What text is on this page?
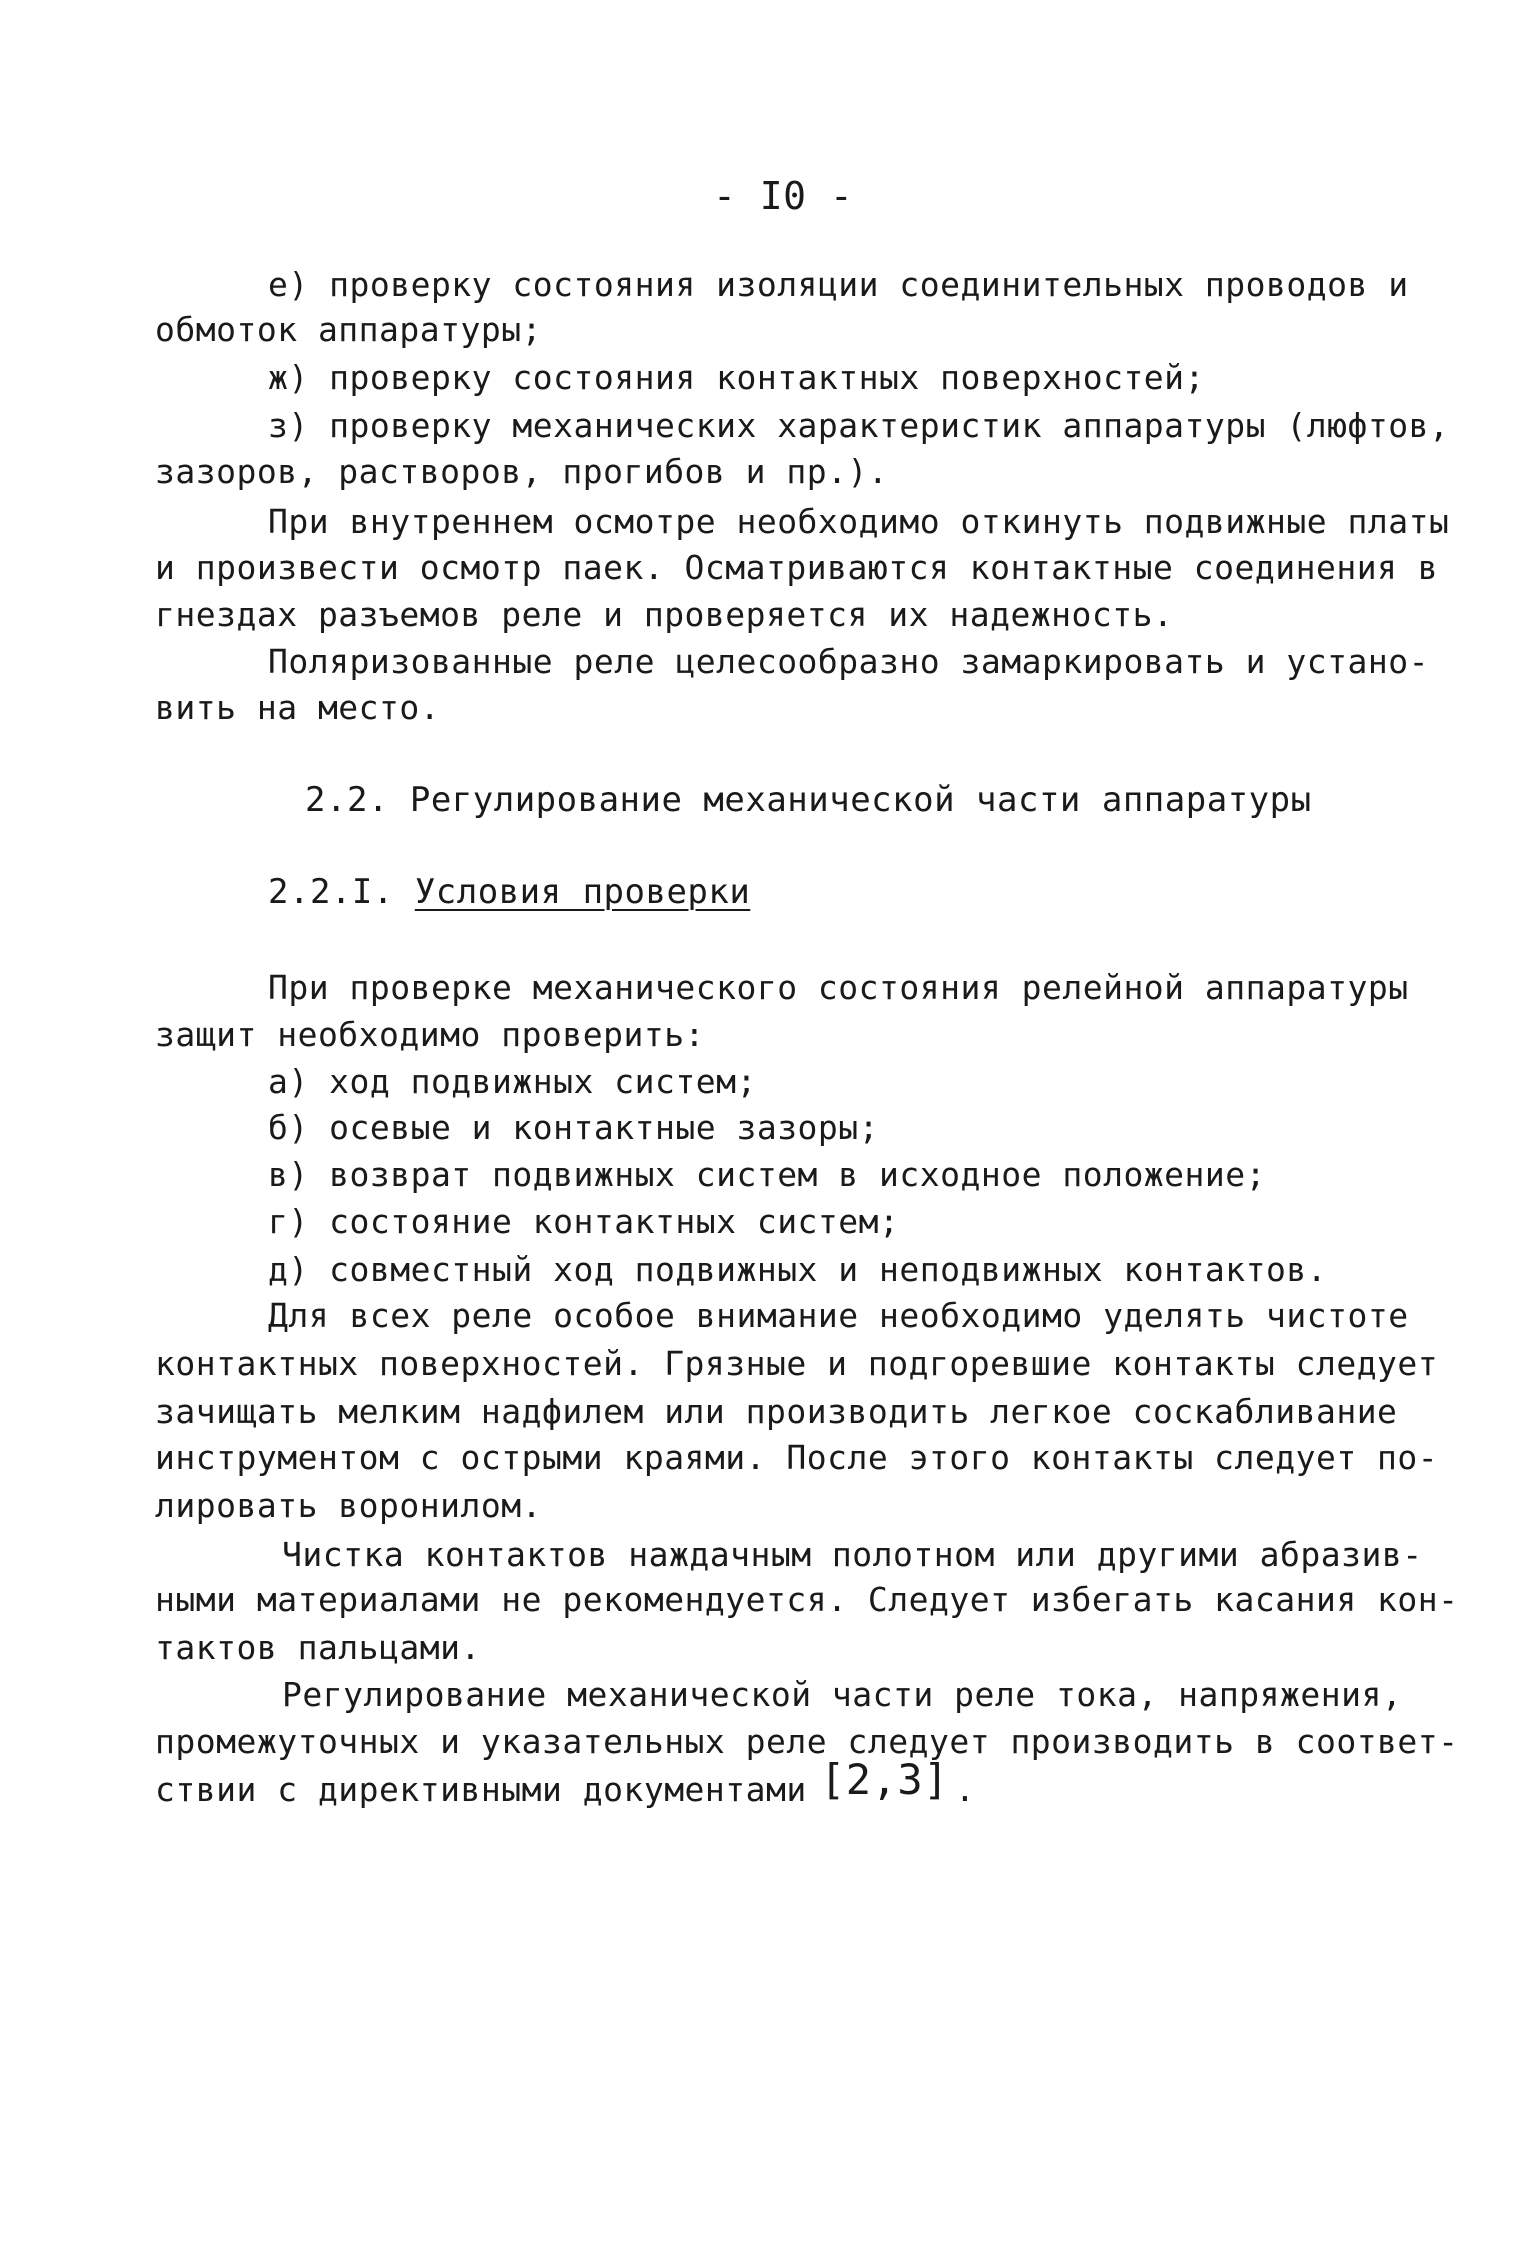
- I0 -
е) проверку состояния изоляции соединительных проводов и
обмоток аппаратуры;
ж) проверку состояния контактных поверхностей;
з) проверку механических характеристик аппаратуры (люфтов,
зазоров, растворов, прогибов и пр.).
При внутреннем осмотре необходимо откинуть подвижные платы
и произвести осмотр паек. Осматриваются контактные соединения в
гнездах разъемов реле и проверяется их надежность.
Поляризованные реле целесообразно замаркировать и устано-
вить на место.
2.2. Регулирование механической части аппаратуры
2.2.I. Условия проверки
При проверке механического состояния релейной аппаратуры
защит необходимо проверить:
а) ход подвижных систем;
б) осевые и контактные зазоры;
в) возврат подвижных систем в исходное положение;
г) состояние контактных систем;
д) совместный ход подвижных и неподвижных контактов.
Для всех реле особое внимание необходимо уделять чистоте
контактных поверхностей. Грязные и подгоревшие контакты следует
зачищать мелким надфилем или производить легкое соскабливание
инструментом с острыми краями. После этого контакты следует по-
лировать воронилом.
Чистка контактов наждачным полотном или другими абразив-
ными материалами не рекомендуется. Следует избегать касания кон-
тактов пальцами.
Регулирование механической части реле тока, напряжения,
промежуточных и указательных реле следует производить в соответ-
ствии с директивными документами [2,3] .
